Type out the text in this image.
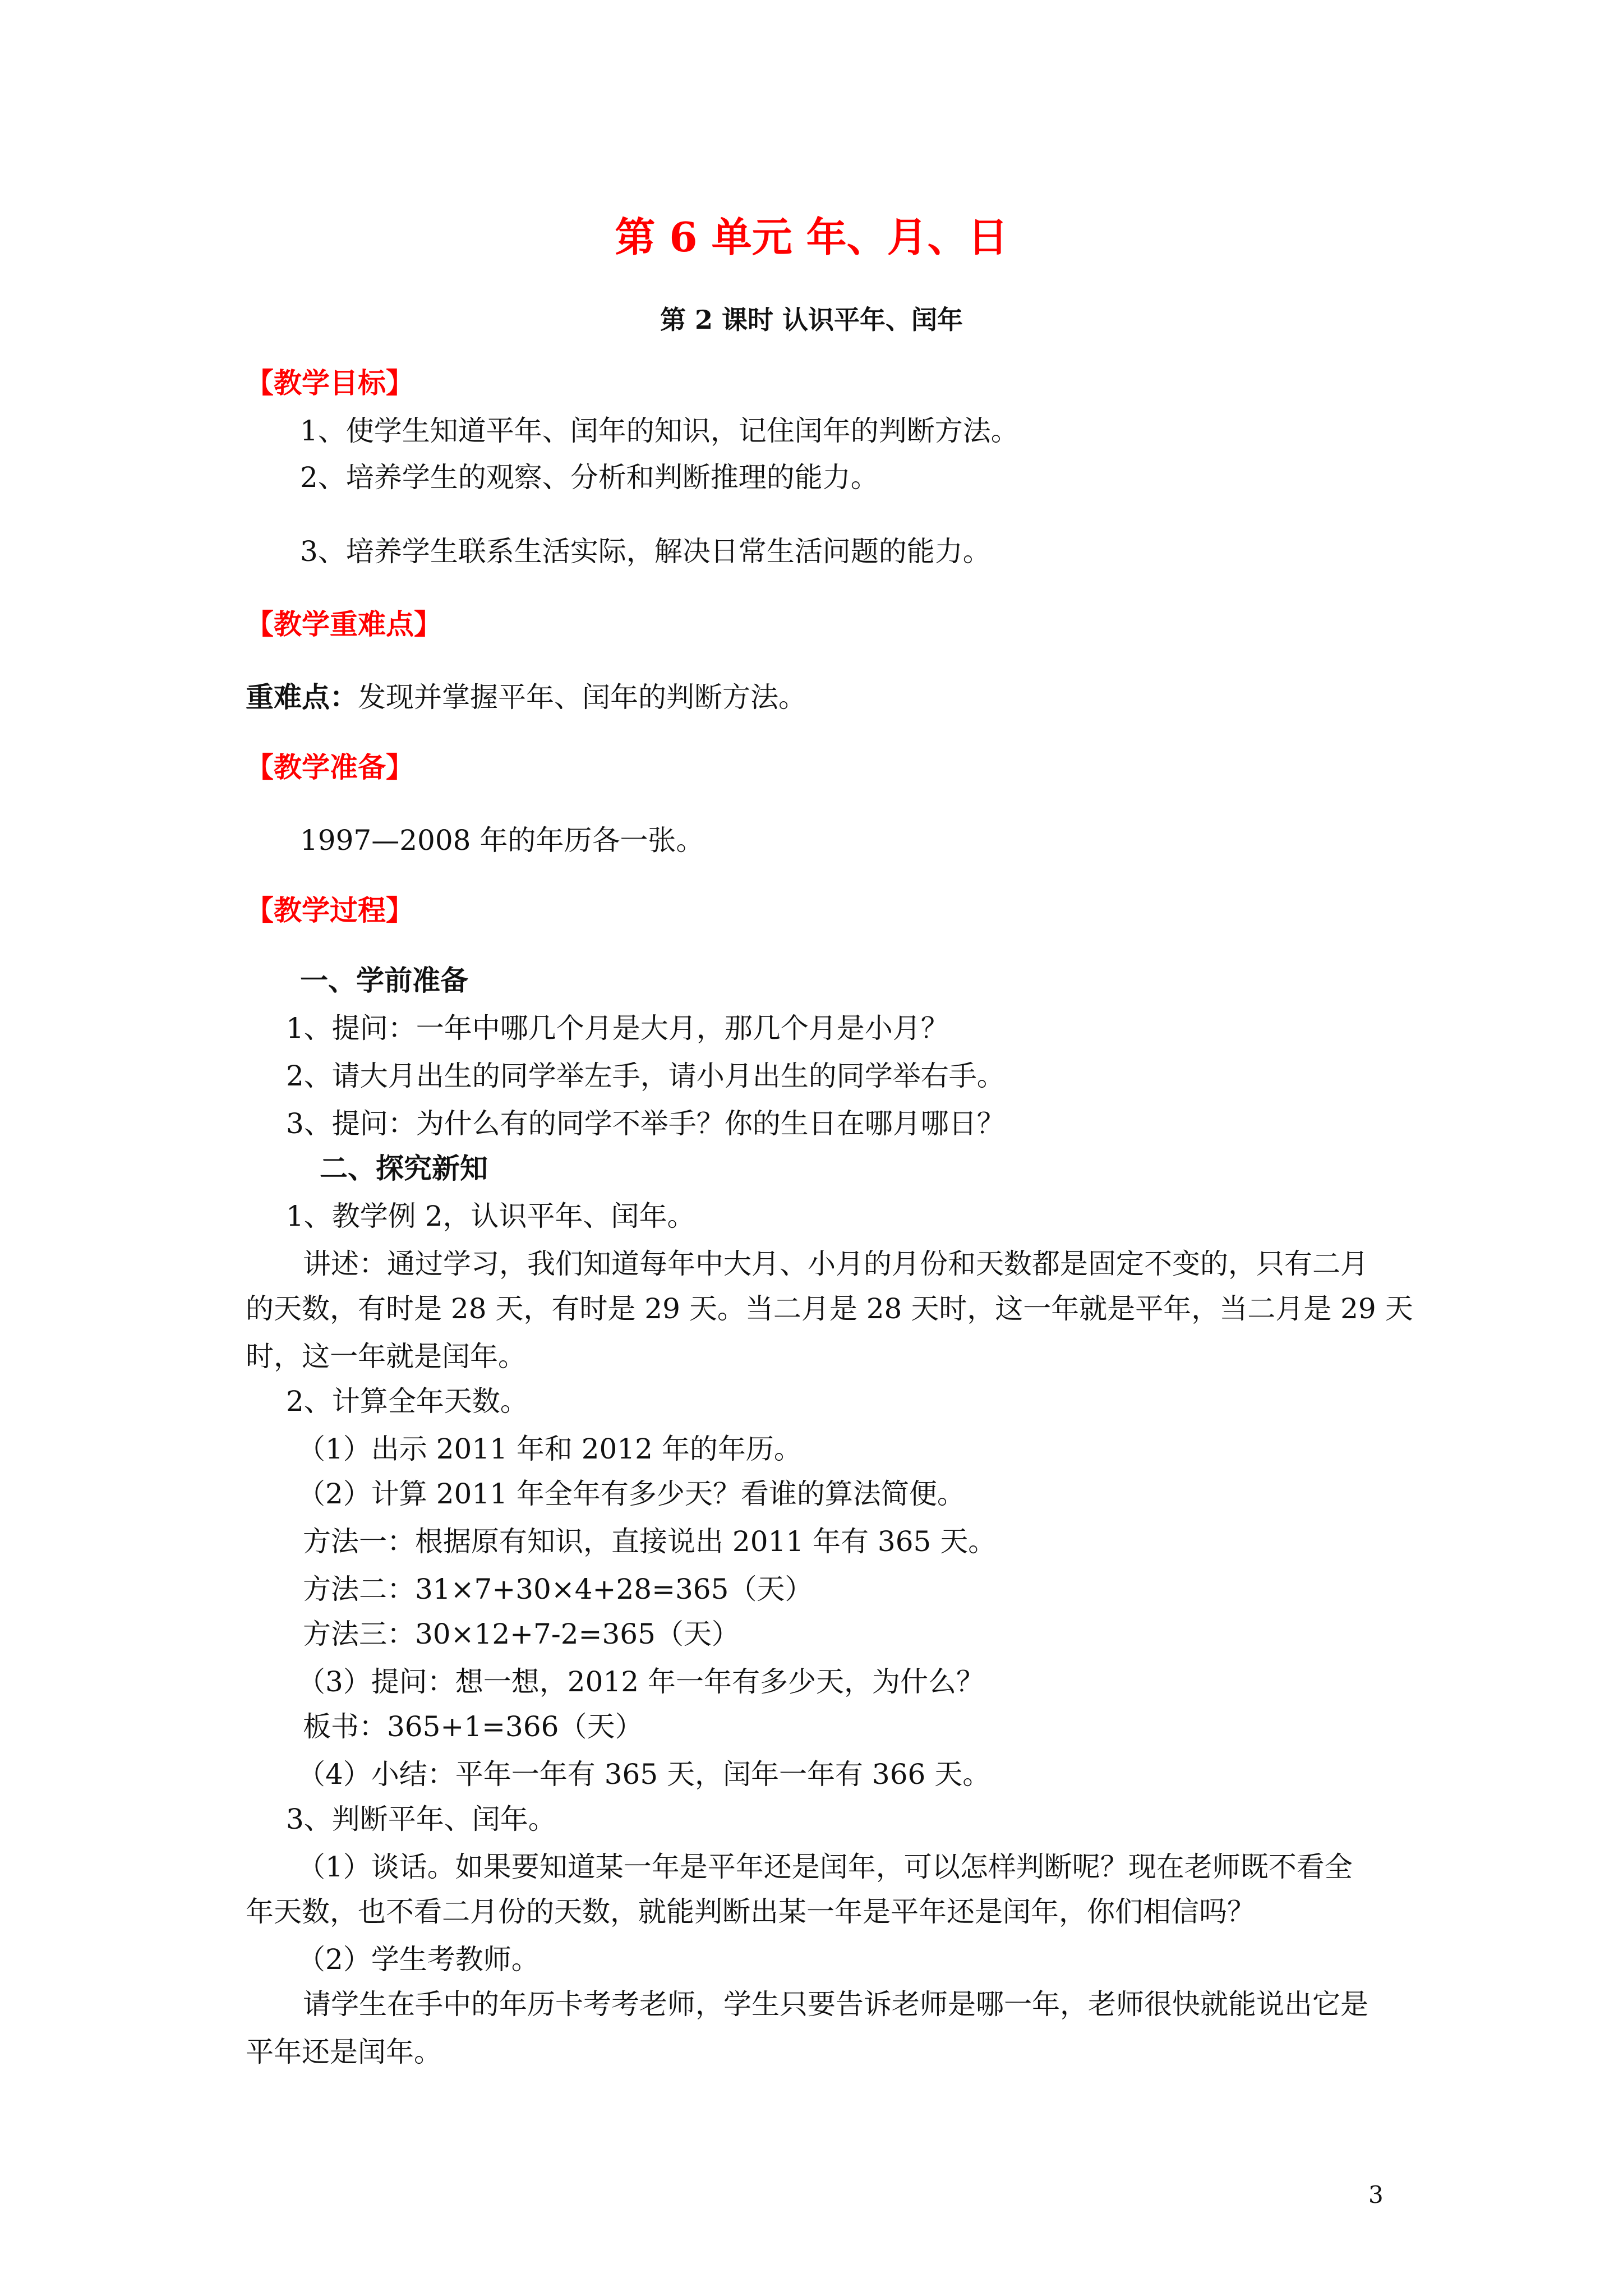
第 6 单元 年、月、日
第 2 课时 认识平年、闰年
【教学目标】
1、使学生知道平年、闰年的知识，记住闰年的判断方法。
2、培养学生的观察、分析和判断推理的能力。
3、培养学生联系生活实际，解决日常生活问题的能力。
【教学重难点】
重难点：发现并掌握平年、闰年的判断方法。
【教学准备】
1997—2008 年的年历各一张。
【教学过程】
一、学前准备
1、提问：一年中哪几个月是大月，那几个月是小月？
2、请大月出生的同学举左手，请小月出生的同学举右手。
3、提问：为什么有的同学不举手？你的生日在哪月哪日？
二、探究新知
1、教学例 2，认识平年、闰年。
讲述：通过学习，我们知道每年中大月、小月的月份和天数都是固定不变的，只有二月
的天数，有时是 28 天，有时是 29 天。当二月是 28 天时，这一年就是平年，当二月是 29 天
时，这一年就是闰年。
2、计算全年天数。
（1）出示 2011 年和 2012 年的年历。
（2）计算 2011 年全年有多少天？看谁的算法简便。
方法一：根据原有知识，直接说出 2011 年有 365 天。
方法二：31×7+30×4+28=365（天）
方法三：30×12+7-2=365（天）
（3）提问：想一想，2012 年一年有多少天，为什么？
板书：365+1=366（天）
（4）小结：平年一年有 365 天，闰年一年有 366 天。
3、判断平年、闰年。
（1）谈话。如果要知道某一年是平年还是闰年，可以怎样判断呢？现在老师既不看全
年天数，也不看二月份的天数，就能判断出某一年是平年还是闰年，你们相信吗？
（2）学生考教师。
请学生在手中的年历卡考考老师，学生只要告诉老师是哪一年，老师很快就能说出它是
平年还是闰年。
3
